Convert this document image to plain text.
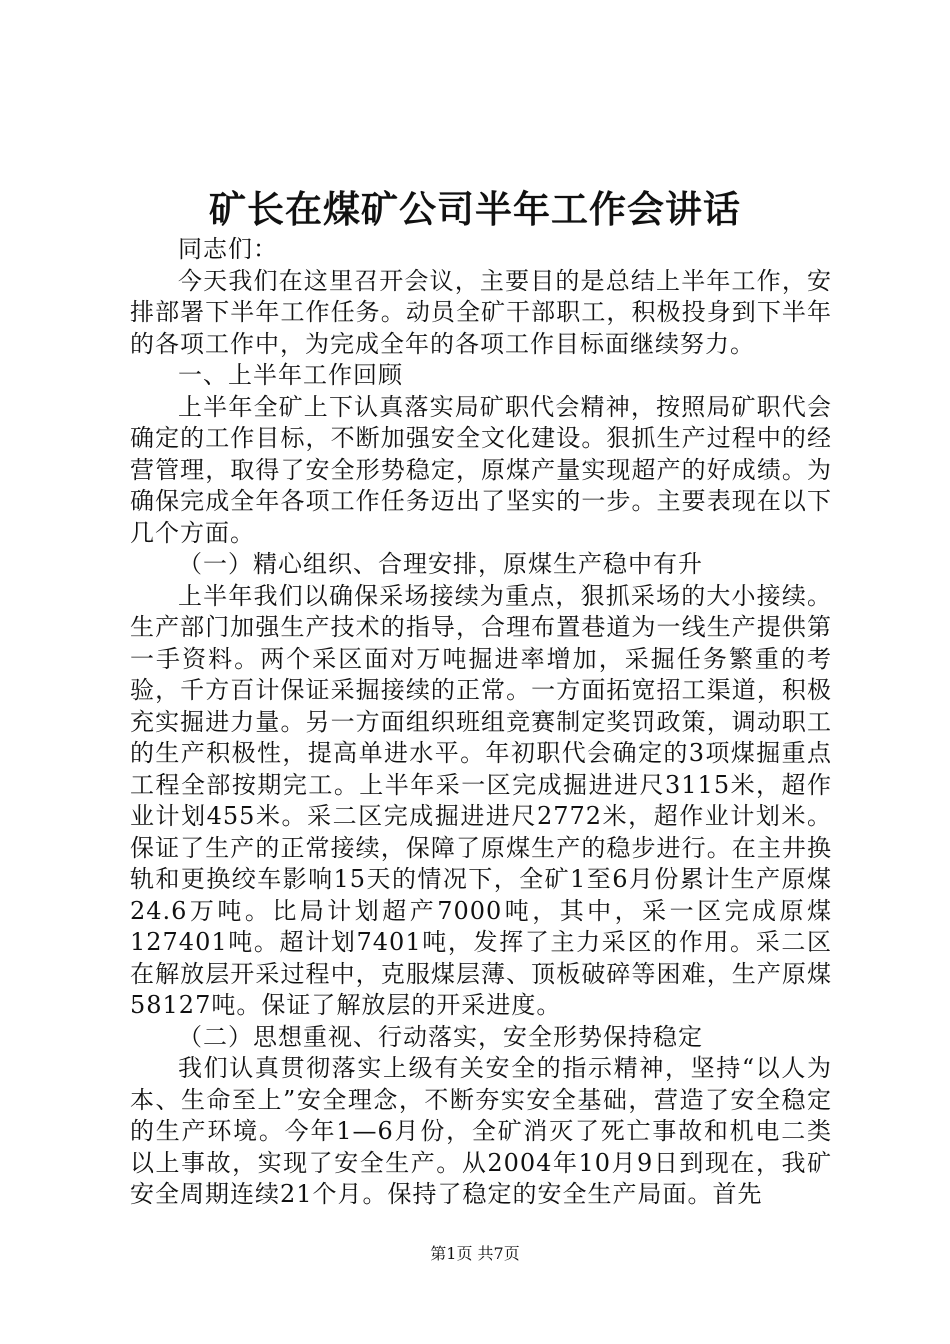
矿长在煤矿公司半年工作会讲话

同志们：

今天我们在这里召开会议，主要目的是总结上半年工作，安排部署下半年工作任务。动员全矿干部职工，积极投身到下半年的各项工作中，为完成全年的各项工作目标面继续努力。

一、上半年工作回顾

上半年全矿上下认真落实局矿职代会精神，按照局矿职代会确定的工作目标，不断加强安全文化建设。狠抓生产过程中的经营管理，取得了安全形势稳定，原煤产量实现超产的好成绩。为确保完成全年各项工作任务迈出了坚实的一步。主要表现在以下几个方面。

（一）精心组织、合理安排，原煤生产稳中有升

上半年我们以确保采场接续为重点，狠抓采场的大小接续。生产部门加强生产技术的指导，合理布置巷道为一线生产提供第一手资料。两个采区面对万吨掘进率增加，采掘任务繁重的考验，千方百计保证采掘接续的正常。一方面拓宽招工渠道，积极充实掘进力量。另一方面组织班组竞赛制定奖罚政策，调动职工的生产积极性，提高单进水平。年初职代会确定的3项煤掘重点工程全部按期完工。上半年采一区完成掘进进尺3115米，超作业计划455米。采二区完成掘进进尺2772米，超作业计划米。保证了生产的正常接续，保障了原煤生产的稳步进行。在主井换轨和更换绞车影响15天的情况下，全矿1至6月份累计生产原煤24.6万吨。比局计划超产7000吨，其中，采一区完成原煤127401吨。超计划7401吨，发挥了主力采区的作用。采二区在解放层开采过程中，克服煤层薄、顶板破碎等困难，生产原煤58127吨。保证了解放层的开采进度。

（二）思想重视、行动落实，安全形势保持稳定

我们认真贯彻落实上级有关安全的指示精神，坚持“以人为本、生命至上”安全理念，不断夯实安全基础，营造了安全稳定的生产环境。今年1—6月份，全矿消灭了死亡事故和机电二类以上事故，实现了安全生产。从2004年10月9日到现在，我矿安全周期连续21个月。保持了稳定的安全生产局面。首先

第1页 共7页
